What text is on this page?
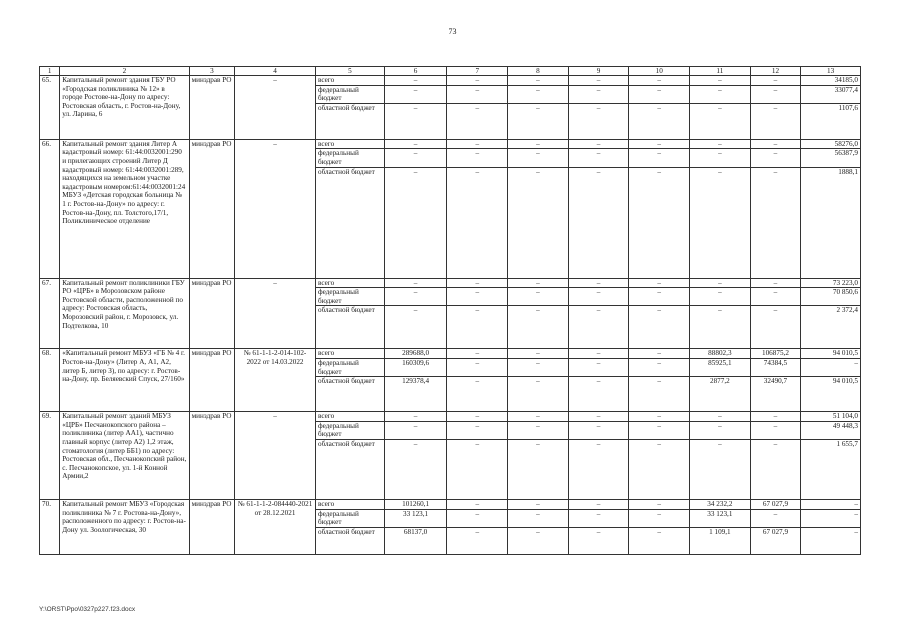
73
1	2	3	4	5	6	7	8	9	10	11	12	13
65.	Капитальный ремонт здания ГБУ РО «Городская поликлиника № 12» в городе Ростове-на-Дону по адресу: Ростовская область, г. Ростов-на-Дону, ул. Ларина, 6	минздрав РО	–	всего	–	–	–	–	–	–	–	34185,0
				федеральный бюджет	–	–	–	–	–	–	–	33077,4
				областной бюджет	–	–	–	–	–	–	–	1107,6
66.	Капитальный ремонт здания Литер А кадастровый номер: 61:44:0032001:290 и прилегающих строений Литер Д кадастровый номер: 61:44:0032001:289, находящихся на земельном участке кадастровым номером:61:44:0032001:24 МБУЗ «Детская городская больница № 1 г. Ростов-на-Дону» по адресу: г. Ростов-на-Дону, пл. Толстого,17/1, Поликлиническое отделение	минздрав РО	–	всего	–	–	–	–	–	–	–	58276,0
				федеральный бюджет	–	–	–	–	–	–	–	56387,9
				областной бюджет	–	–	–	–	–	–	–	1888,1
67.	Капитальный ремонт поликлиники ГБУ РО «ЦРБ» в Морозовском районе Ростовской области, расположенной по адресу: Ростовская область, Морозовский район, г. Морозовск, ул. Подтелкова, 10	минздрав РО	–	всего	–	–	–	–	–	–	–	73 223,0
				федеральный бюджет	–	–	–	–	–	–	–	70 850,6
				областной бюджет	–	–	–	–	–	–	–	2 372,4
68.	«Капитальный ремонт МБУЗ «ГБ № 4 г. Ростов-на-Дону» (Литер А, А1, А2, литер Б, литер З), по адресу: г. Ростов-на-Дону, пр. Беляевский Спуск, 27/160»	минздрав РО	№ 61-1-1-2-014-102-2022 от 14.03.2022	всего	289688,0	–	–	–	–	88802,3	106875,2	94 010,5
				федеральный бюджет	160309,6	–	–	–	–	85925,1	74384,5	–
				областной бюджет	129378,4	–	–	–	–	2877,2	32490,7	94 010,5
69.	Капитальный ремонт зданий МБУЗ «ЦРБ» Песчанокопского района – поликлиника (литер АА1), частично главный корпус (литер А2) 1,2 этаж, стоматология (литер ББ1) по адресу: Ростовская обл., Песчанокопский район, с. Песчанокопское, ул. 1-й Конной Армии,2	минздрав РО	–	всего	–	–	–	–	–	–	–	51 104,0
				федеральный бюджет	–	–	–	–	–	–	–	49 448,3
				областной бюджет	–	–	–	–	–	–	–	1 655,7
70.	Капитальный ремонт МБУЗ «Городская поликлиника № 7 г. Ростова-на-Дону», расположенного по адресу: г. Ростов-на-Дону ул. Зоологическая, 30	минздрав РО	№ 61-1-1-2-084440-2021 от 28.12.2021	всего	101260,1	–	–	–	–	34 232,2	67 027,9	–
				федеральный бюджет	33 123,1	–	–	–	–	33 123,1	–	–
				областной бюджет	68137,0	–	–	–	–	1 109,1	67 027,9	–
Y:\ORST\Ppo\0327p227.f23.docx
